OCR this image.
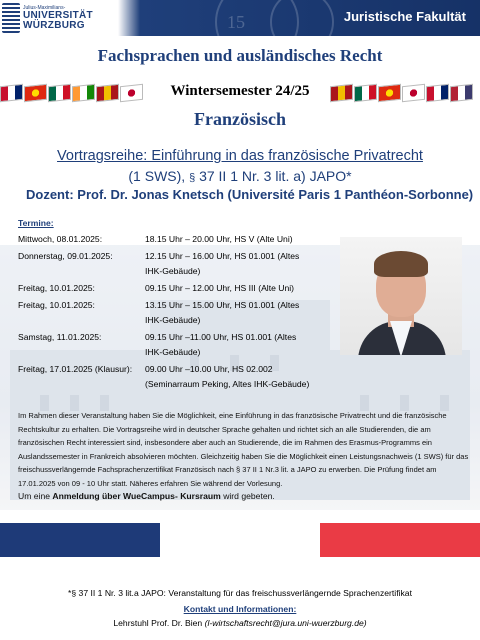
15
Julius-Maximilians-
UNIVERSITÄT
WÜRZBURG
Juristische Fakultät
Fachsprachen und ausländisches Recht
Wintersemester 24/25
Französisch
Vortragsreihe: Einführung in das französische Privatrecht
(1 SWS), § 37 II 1 Nr. 3 lit. a) JAPO*
Dozent: Prof. Dr. Jonas Knetsch (Université Paris 1 Panthéon-Sorbonne)
Termine:
Mittwoch, 08.01.2025:	18.15 Uhr – 20.00 Uhr, HS V (Alte Uni)
Donnerstag, 09.01.2025:	12.15 Uhr – 16.00 Uhr, HS 01.001 (Altes
IHK-Gebäude)
Freitag, 10.01.2025:	09.15 Uhr – 12.00 Uhr, HS III (Alte Uni)
Freitag, 10.01.2025:	13.15 Uhr – 15.00 Uhr, HS 01.001 (Altes
IHK-Gebäude)
Samstag, 11.01.2025:	09.15 Uhr –11.00 Uhr, HS 01.001 (Altes
IHK-Gebäude)
Freitag, 17.01.2025 (Klausur):	09.00 Uhr –10.00 Uhr, HS 02.002
(Seminarraum Peking, Altes IHK-Gebäude)
Im Rahmen dieser Veranstaltung haben Sie die Möglichkeit, eine Einführung in das französische Privatrecht und die französische Rechtskultur zu erhalten. Die Vortragsreihe wird in deutscher Sprache gehalten und richtet sich an alle Studierenden, die am französischen Recht interessiert sind, insbesondere aber auch an Studierende, die im Rahmen des Erasmus-Programms ein Auslandssemester in Frankreich absolvieren möchten. Gleichzeitig haben Sie die Möglichkeit einen Leistungsnachweis (1 SWS) für das freischussverlängernde Fachsprachenzertifikat Französisch nach § 37 II 1 Nr.3 lit. a JAPO zu erwerben. Die Prüfung findet am 17.01.2025 von 09 - 10 Uhr statt. Näheres erfahren Sie während der Vorlesung.
Um eine Anmeldung über WueCampus- Kursraum wird gebeten.
*§ 37 II 1 Nr. 3 lit.a JAPO: Veranstaltung für das freischussverlängernde Sprachenzertifikat
Kontakt und Informationen:
Lehrstuhl Prof. Dr. Bien (l-wirtschaftsrecht@jura.uni-wuerzburg.de)
